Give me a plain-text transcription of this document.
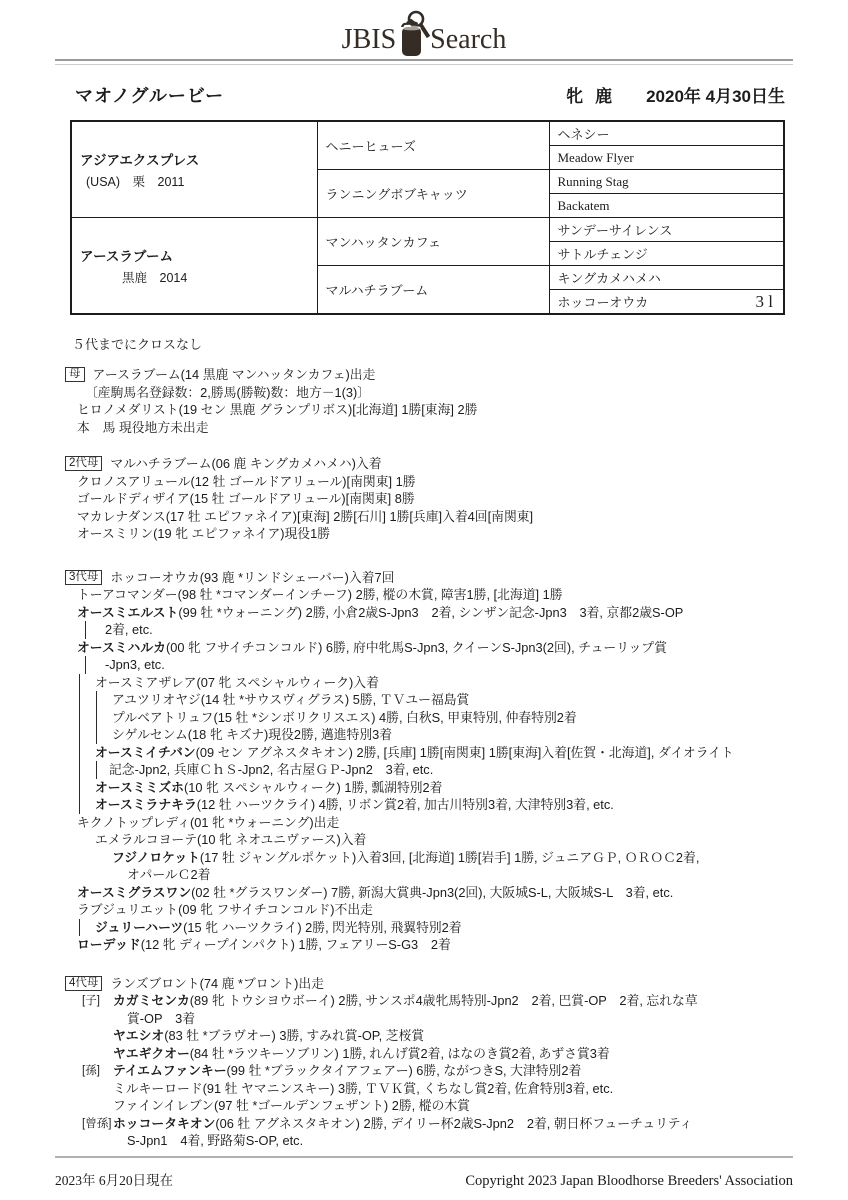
JBIS Search
マオノグルービー	牝 鹿 2020年 4月30日生
アジアエクスプレス
(USA)　栗　2011	ヘニーヒューズ	ヘネシー
		Meadow Flyer
	ランニングボブキャッツ	Running Stag
		Backatem

アースラブーム
黒鹿　2014	マンハッタンカフェ	サンデーサイレンス
		サトルチェンジ
	マルハチラブーム	キングカメハメハ

		ホッコーオウカ 3 l
５代までにクロスなし
母 アースラブーム(14 黒鹿 マンハッタンカフェ)出走
〔産駒馬名登録数：2,勝馬(勝鞍)数：地方－1(3)〕
ヒロノメダリスト(19 セン 黒鹿 グランプリボス)[北海道] 1勝[東海] 2勝
本　馬 現役地方未出走
2代母 マルハチラブーム(06 鹿 キングカメハメハ)入着
クロノスアリュール(12 牡 ゴールドアリュール)[南関東] 1勝
ゴールドディザイア(15 牡 ゴールドアリュール)[南関東] 8勝
マカレナダンス(17 牡 エピファネイア)[東海] 2勝[石川] 1勝[兵庫]入着4回[南関東]
オースミリン(19 牝 エピファネイア)現役1勝
3代母 ホッコーオウカ(93 鹿 *リンドシェーバー)入着7回
トーアコマンダー(98 牡 *コマンダーインチーフ) 2勝, 樅の木賞, 障害1勝, [北海道] 1勝
オースミエルスト(99 牡 *ウォーニング) 2勝, 小倉2歳S-Jpn3　2着, シンザン記念-Jpn3　3着, 京都2歳S-OP
2着, etc.
オースミハルカ(00 牝 フサイチコンコルド) 6勝, 府中牝馬S-Jpn3, クイーンS-Jpn3(2回), チューリップ賞
-Jpn3, etc.
オースミアザレア(07 牝 スペシャルウィーク)入着
アユツリオヤジ(14 牡 *サウスヴィグラス) 5勝, ＴＶユー福島賞
プルベアトリュフ(15 牡 *シンボリクリスエス) 4勝, 白秋S, 甲東特別, 仲春特別2着
シゲルセンム(18 牝 キズナ)現役2勝, 邁進特別3着
オースミイチバン(09 セン アグネスタキオン) 2勝, [兵庫] 1勝[南関東] 1勝[東海]入着[佐賀・北海道], ダイオライト
記念-Jpn2, 兵庫ＣｈＳ-Jpn2, 名古屋ＧＰ-Jpn2　3着, etc.
オースミミズホ(10 牝 スペシャルウィーク) 1勝, 瓢湖特別2着
オースミラナキラ(12 牡 ハーツクライ) 4勝, リボン賞2着, 加古川特別3着, 大津特別3着, etc.
キクノトップレディ(01 牝 *ウォーニング)出走
エメラルコヨーテ(10 牝 ネオユニヴァース)入着
フジノロケット(17 牡 ジャングルポケット)入着3回, [北海道] 1勝[岩手] 1勝, ジュニアＧＰ, ＯＲＯＣ2着,
オパールＣ2着
オースミグラスワン(02 牡 *グラスワンダー) 7勝, 新潟大賞典-Jpn3(2回), 大阪城S-L, 大阪城S-L　3着, etc.
ラブジュリエット(09 牝 フサイチコンコルド)不出走
ジュリーハーツ(15 牝 ハーツクライ) 2勝, 閃光特別, 飛翼特別2着
ローデッド(12 牝 ディープインパクト) 1勝, フェアリーS-G3　2着
4代母 ランズブロント(74 鹿 *ブロント)出走
[子] カガミセンカ(89 牝 トウシヨウボーイ) 2勝, サンスポ4歳牝馬特別-Jpn2　2着, 巴賞-OP　2着, 忘れな草
賞-OP　3着
ヤエシオ(83 牡 *ブラヴオー) 3勝, すみれ賞-OP, 芝桜賞
ヤエギクオー(84 牡 *ラツキーソブリン) 1勝, れんげ賞2着, はなのき賞2着, あずさ賞3着
[孫] テイエムファンキー(99 牡 *ブラックタイアフェアー) 6勝, ながつきS, 大津特別2着
ミルキーロード(91 牡 ヤマニンスキー) 3勝, ＴＶＫ賞, くちなし賞2着, 佐倉特別3着, etc.
ファインイレブン(97 牡 *ゴールデンフェザント) 2勝, 樅の木賞
[曾孫] ホッコータキオン(06 牡 アグネスタキオン) 2勝, デイリー杯2歳S-Jpn2　2着, 朝日杯フューチュリティ
S-Jpn1　4着, 野路菊S-OP, etc.
2023年 6月20日現在	Copyright 2023 Japan Bloodhorse Breeders' Association
